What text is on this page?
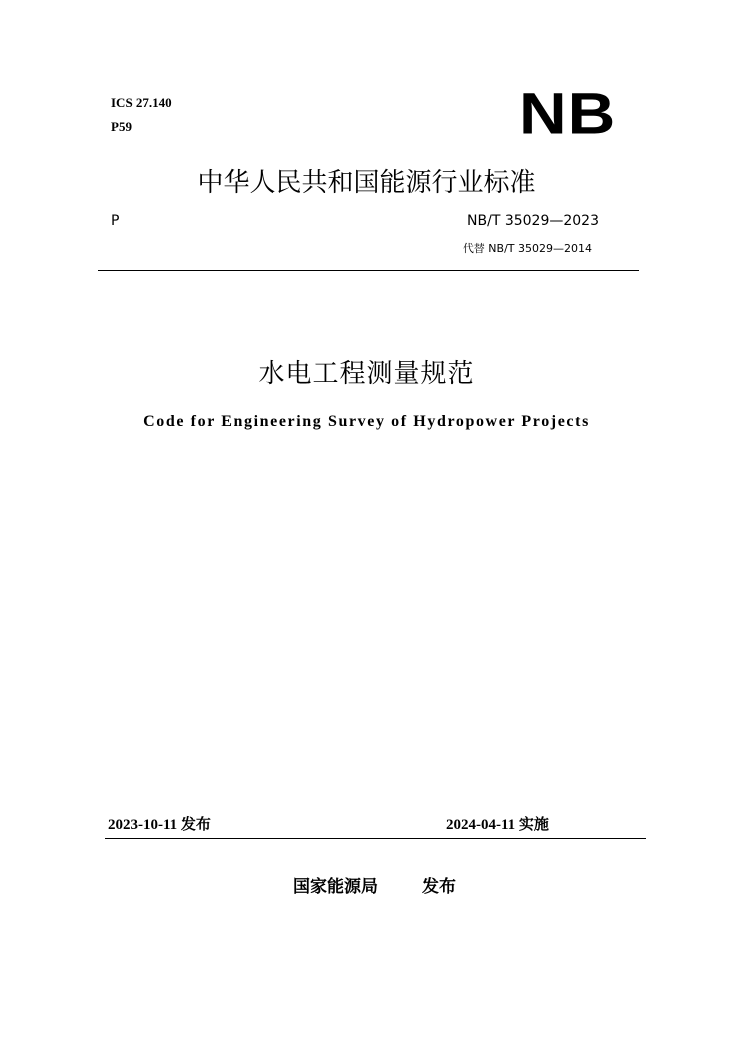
ICS 27.140
P59	NB
中华人民共和国能源行业标准
P	NB/T 35029—2023
代替 NB/T 35029—2014
水电工程测量规范
Code for Engineering Survey of Hydropower Projects
2023-10-11 发布	2024-04-11 实施
国家能源局	发布
